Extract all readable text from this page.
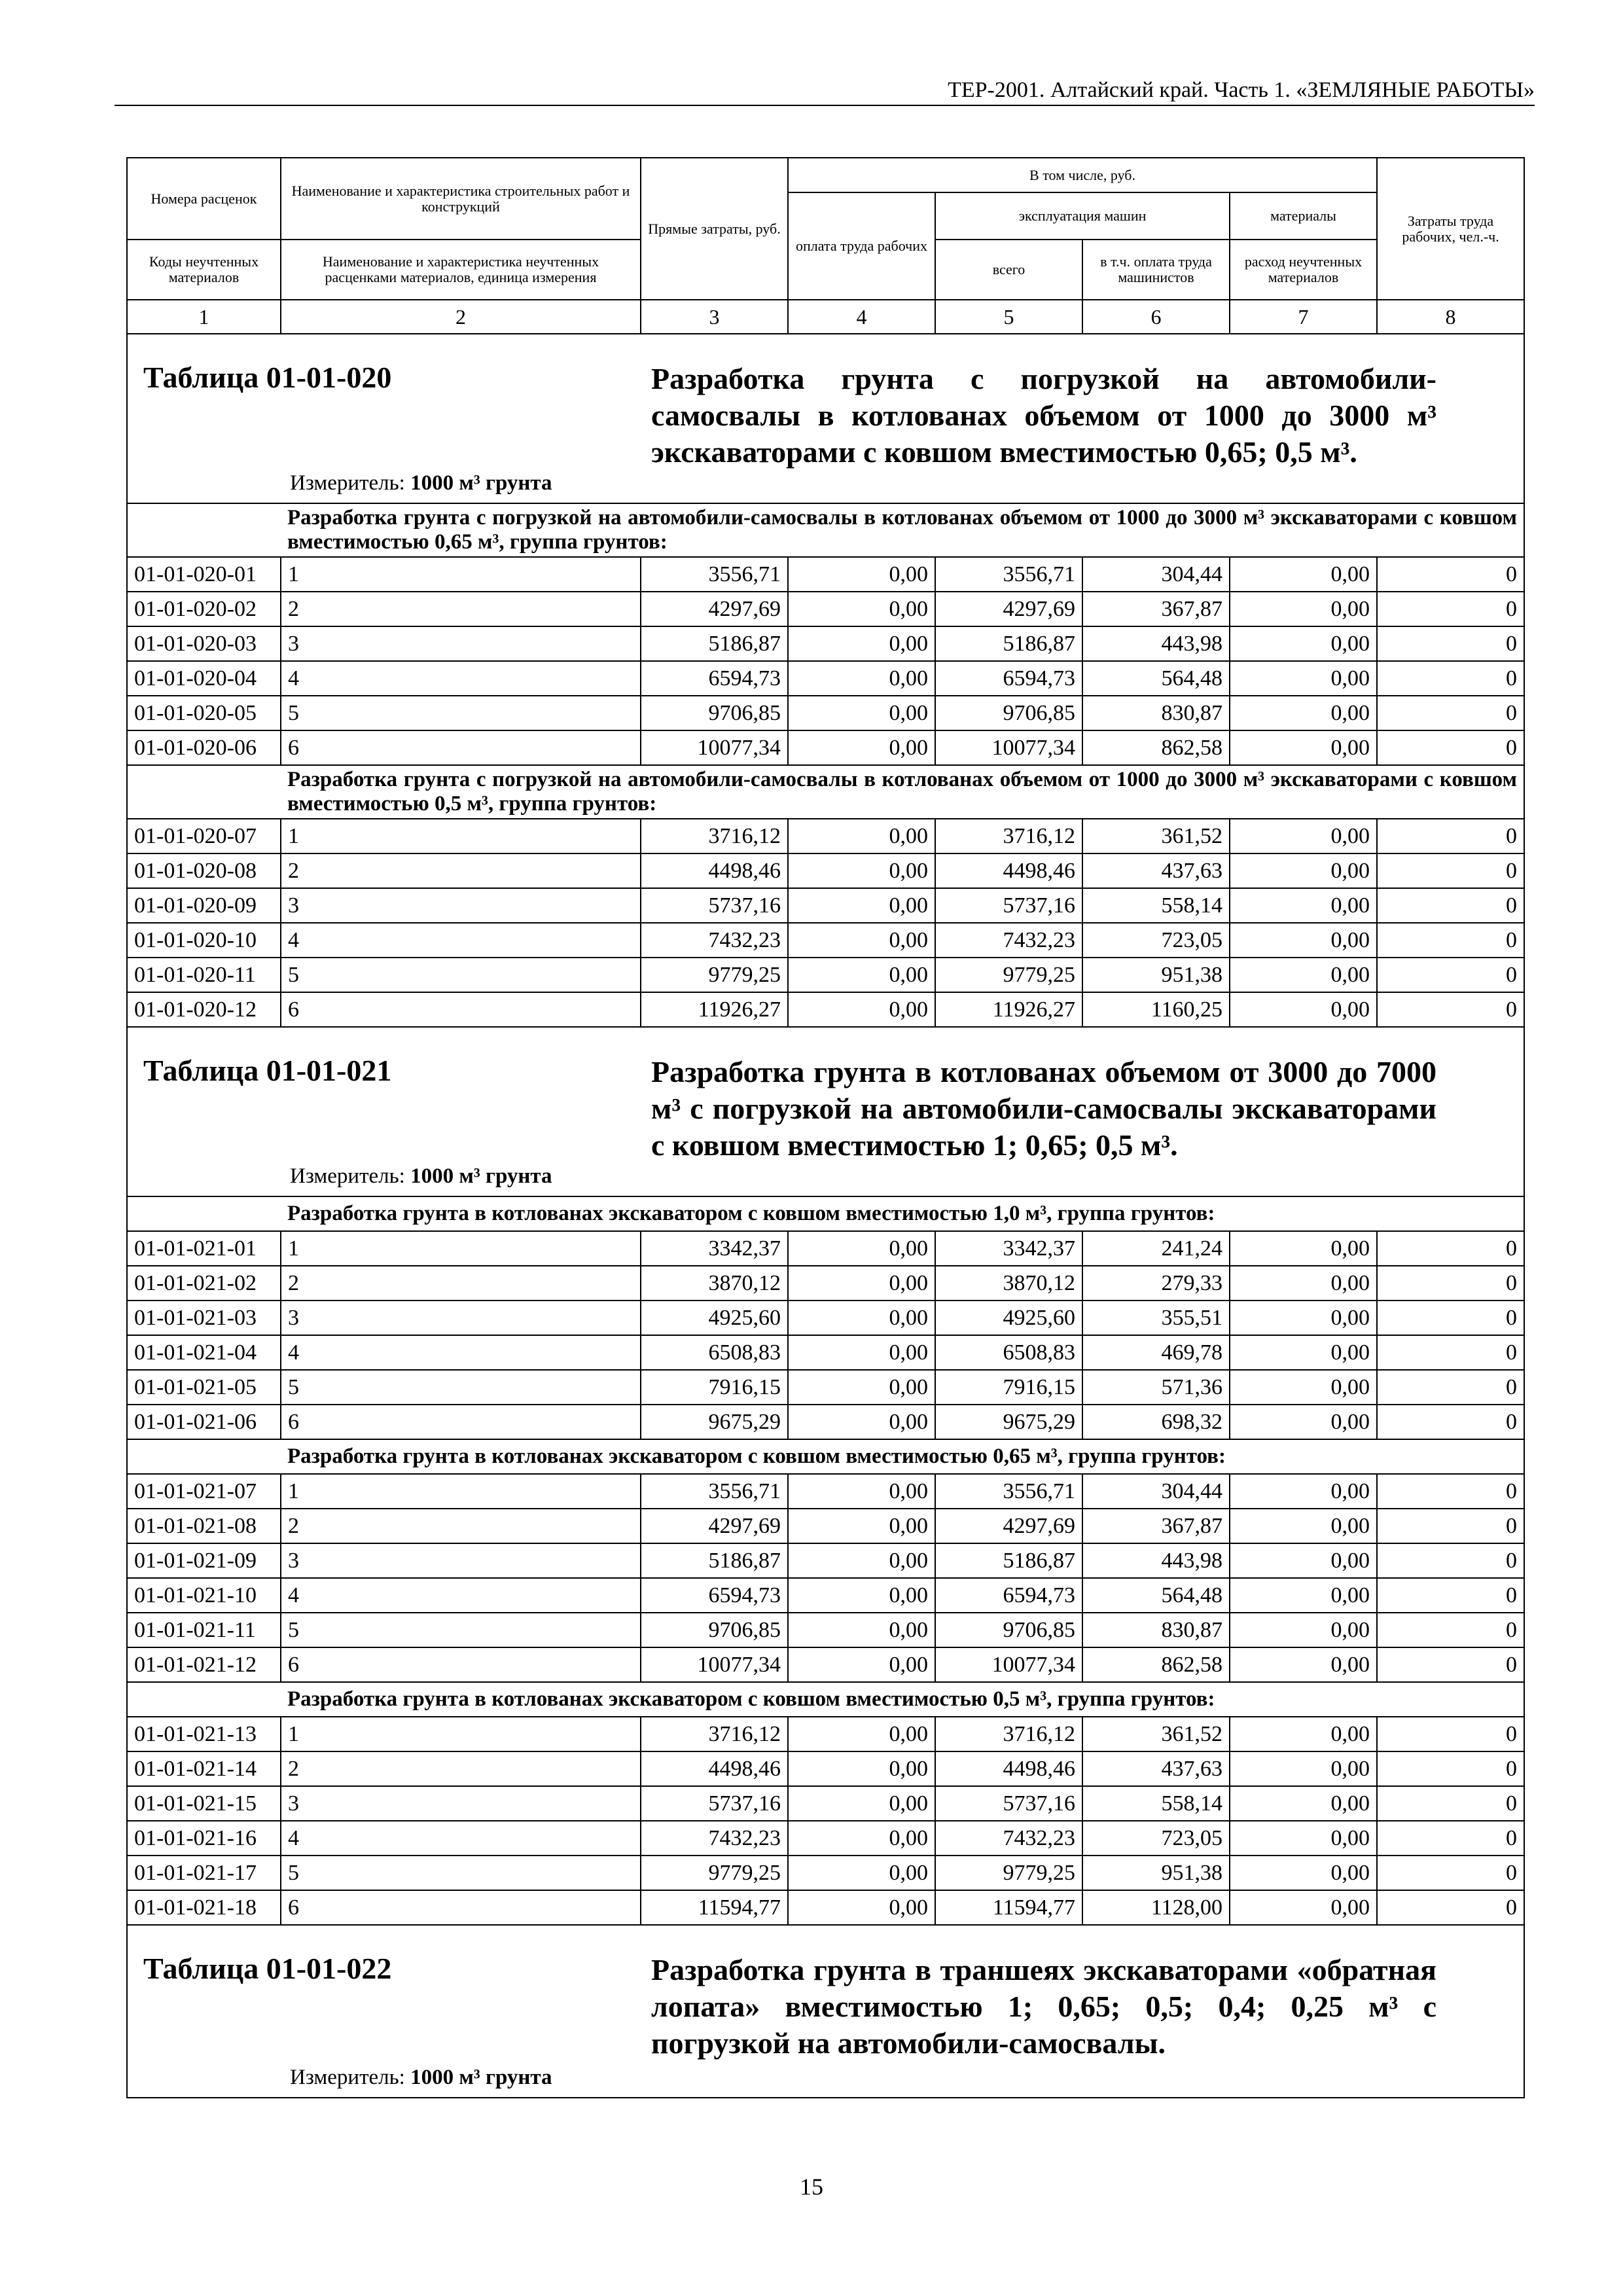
ТЕР-2001. Алтайский край. Часть 1. «ЗЕМЛЯНЫЕ РАБОТЫ»
Номера расценок	Наименование и характеристика строительных работ и конструкций	Прямые затраты, руб.	В том числе, руб.				Затраты труда рабочих, чел.-ч.
			оплата труда рабочих	эксплуатация машин		материалы	
Коды неучтенных материалов	Наименование и характеристика неучтенных расценками материалов, единица измерения			всего	в т.ч. оплата труда машинистов	расход неучтенных материалов	
1	2	3	4	5	6	7	8

Таблица 01-01-020 Разработка грунта с погрузкой на автомобили-самосвалы в котлованах объемом от 1000 до 3000 м³ экскаваторами с ковшом вместимостью 0,65; 0,5 м³.
Измеритель: 1000 м³ грунта							

	Разработка грунта с погрузкой на автомобили-самосвалы в котлованах объемом от 1000 до 3000 м³ экскаваторами с ковшом вместимостью 0,65 м³, группа грунтов:						
01-01-020-01	1	3556,71	0,00	3556,71	304,44	0,00	0
01-01-020-02	2	4297,69	0,00	4297,69	367,87	0,00	0
01-01-020-03	3	5186,87	0,00	5186,87	443,98	0,00	0
01-01-020-04	4	6594,73	0,00	6594,73	564,48	0,00	0
01-01-020-05	5	9706,85	0,00	9706,85	830,87	0,00	0
01-01-020-06	6	10077,34	0,00	10077,34	862,58	0,00	0
	Разработка грунта с погрузкой на автомобили-самосвалы в котлованах объемом от 1000 до 3000 м³ экскаваторами с ковшом вместимостью 0,5 м³, группа грунтов:						
01-01-020-07	1	3716,12	0,00	3716,12	361,52	0,00	0
01-01-020-08	2	4498,46	0,00	4498,46	437,63	0,00	0
01-01-020-09	3	5737,16	0,00	5737,16	558,14	0,00	0
01-01-020-10	4	7432,23	0,00	7432,23	723,05	0,00	0
01-01-020-11	5	9779,25	0,00	9779,25	951,38	0,00	0
01-01-020-12	6	11926,27	0,00	11926,27	1160,25	0,00	0

Таблица 01-01-021 Разработка грунта в котлованах объемом от 3000 до 7000 м³ с погрузкой на автомобили-самосвалы экскаваторами с ковшом вместимостью 1; 0,65; 0,5 м³.
Измеритель: 1000 м³ грунта							

	Разработка грунта в котлованах экскаватором с ковшом вместимостью 1,0 м³, группа грунтов:						
01-01-021-01	1	3342,37	0,00	3342,37	241,24	0,00	0
01-01-021-02	2	3870,12	0,00	3870,12	279,33	0,00	0
01-01-021-03	3	4925,60	0,00	4925,60	355,51	0,00	0
01-01-021-04	4	6508,83	0,00	6508,83	469,78	0,00	0
01-01-021-05	5	7916,15	0,00	7916,15	571,36	0,00	0
01-01-021-06	6	9675,29	0,00	9675,29	698,32	0,00	0
	Разработка грунта в котлованах экскаватором с ковшом вместимостью 0,65 м³, группа грунтов:						
01-01-021-07	1	3556,71	0,00	3556,71	304,44	0,00	0
01-01-021-08	2	4297,69	0,00	4297,69	367,87	0,00	0
01-01-021-09	3	5186,87	0,00	5186,87	443,98	0,00	0
01-01-021-10	4	6594,73	0,00	6594,73	564,48	0,00	0
01-01-021-11	5	9706,85	0,00	9706,85	830,87	0,00	0
01-01-021-12	6	10077,34	0,00	10077,34	862,58	0,00	0
	Разработка грунта в котлованах экскаватором с ковшом вместимостью 0,5 м³, группа грунтов:						
01-01-021-13	1	3716,12	0,00	3716,12	361,52	0,00	0
01-01-021-14	2	4498,46	0,00	4498,46	437,63	0,00	0
01-01-021-15	3	5737,16	0,00	5737,16	558,14	0,00	0
01-01-021-16	4	7432,23	0,00	7432,23	723,05	0,00	0
01-01-021-17	5	9779,25	0,00	9779,25	951,38	0,00	0
01-01-021-18	6	11594,77	0,00	11594,77	1128,00	0,00	0

Таблица 01-01-022 Разработка грунта в траншеях экскаваторами «обратная лопата» вместимостью 1; 0,65; 0,5; 0,4; 0,25 м³ с погрузкой на автомобили-самосвалы.
Измеритель: 1000 м³ грунта							
15
